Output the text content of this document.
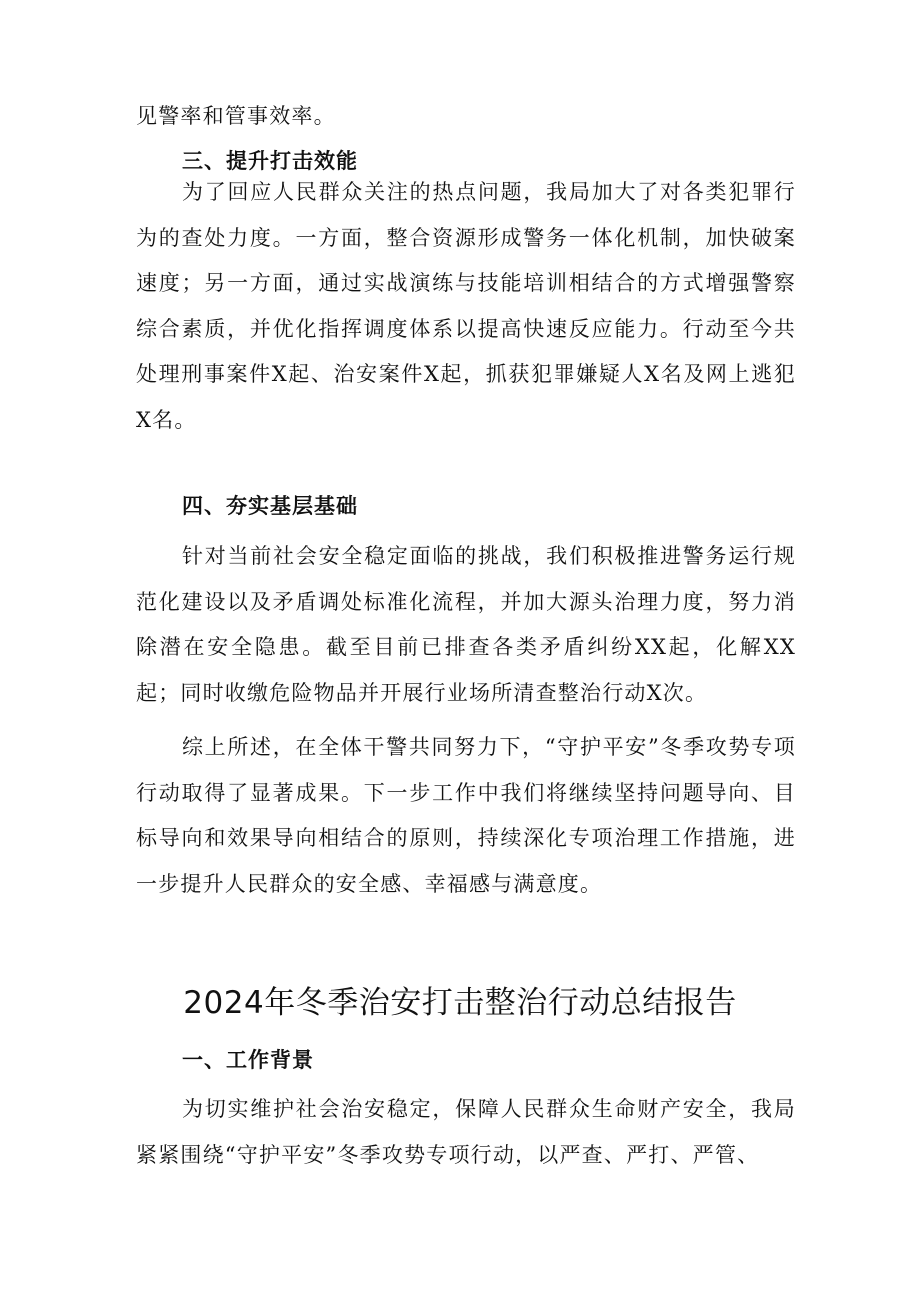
见警率和管事效率。

三、提升打击效能

为了回应人民群众关注的热点问题，我局加大了对各类犯罪行为的查处力度。一方面，整合资源形成警务一体化机制，加快破案速度；另一方面，通过实战演练与技能培训相结合的方式增强警察综合素质，并优化指挥调度体系以提高快速反应能力。行动至今共处理刑事案件X起、治安案件X起，抓获犯罪嫌疑人X名及网上逃犯X名。

四、夯实基层基础

针对当前社会安全稳定面临的挑战，我们积极推进警务运行规范化建设以及矛盾调处标准化流程，并加大源头治理力度，努力消除潜在安全隐患。截至目前已排查各类矛盾纠纷XX起，化解XX起；同时收缴危险物品并开展行业场所清查整治行动X次。

综上所述，在全体干警共同努力下，“守护平安”冬季攻势专项行动取得了显著成果。下一步工作中我们将继续坚持问题导向、目标导向和效果导向相结合的原则，持续深化专项治理工作措施，进一步提升人民群众的安全感、幸福感与满意度。

2024年冬季治安打击整治行动总结报告
一、工作背景

为切实维护社会治安稳定，保障人民群众生命财产安全，我局紧紧围绕“守护平安”冬季攻势专项行动，以严查、严打、严管、
